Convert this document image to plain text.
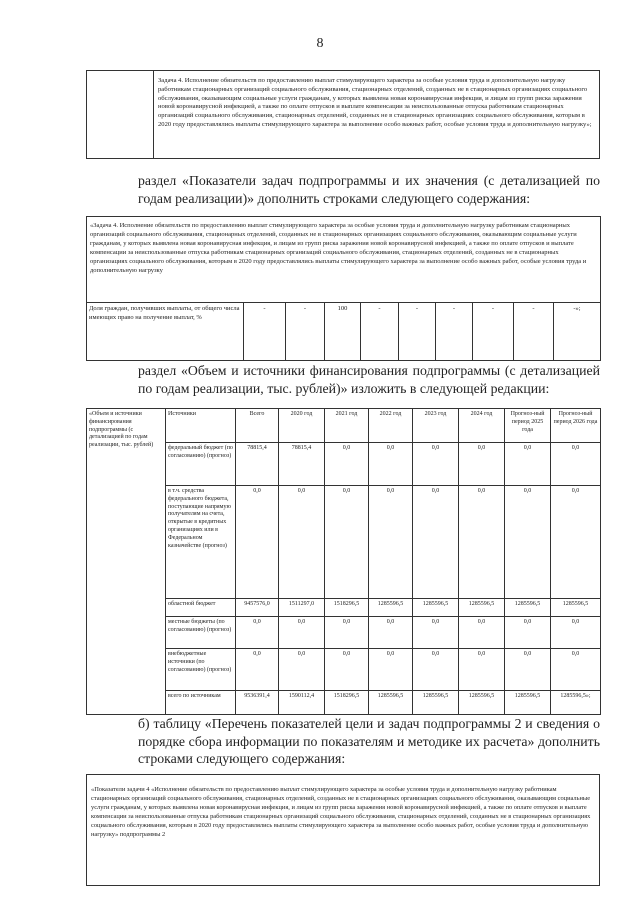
8
	Задача 4. Исполнение обязательств по предоставлению выплат стимулирующего характера за особые условия труда и дополнительную нагрузку работникам стационарных организаций социального обслуживания, стационарных отделений, созданных не в стационарных организациях социального обслуживания, оказывающим социальные услуги гражданам, у которых выявлена новая коронавирусная инфекция, и лицам из групп риска заражения новой коронавирусной инфекцией, а также по оплате отпусков и выплате компенсации за неиспользованные отпуска работникам стационарных организаций социального обслуживания, стационарных отделений, созданных не в стационарных организациях социального обслуживания, которым в 2020 году предоставлялись выплаты стимулирующего характера за выполнение особо важных работ, особые условия труда и дополнительную нагрузку»;
раздел «Показатели задач подпрограммы и их значения (с детализацией по годам реализации)» дополнить строками следующего содержания:
«Задача 4. Исполнение обязательств по предоставлению выплат стимулирующего характера за особые условия труда и дополнительную нагрузку работникам стационарных организаций социального обслуживания, стационарных отделений, созданных не в стационарных организациях социального обслуживания, оказывающим социальные услуги гражданам, у которых выявлена новая коронавирусная инфекция, и лицам из групп риска заражения новой коронавирусной инфекцией, а также по оплате отпусков и выплате компенсации за неиспользованные отпуска работникам стационарных организаций социального обслуживания, стационарных отделений, созданных не в стационарных организациях социального обслуживания, которым в 2020 году предоставлялись выплаты стимулирующего характера за выполнение особо важных работ, особые условия труда и дополнительную нагрузку
Доля граждан, получивших выплаты, от общего числа имеющих право на получение выплат, %	-	-	100	-	-	-	-	-	-»;
раздел «Объем и источники финансирования подпрограммы (с детализацией по годам реализации, тыс. рублей)» изложить в следующей редакции:
«Объем и источники финансирования подпрограммы (с детализацией по годам реализации, тыс. рублей)	Источники	Всего	2020 год	2021 год	2022 год	2023 год	2024 год	Прогноз-ный период 2025 года	Прогноз-ный период 2026 года
	федеральный бюджет (по согласованию) (прогноз)	78815,4	78815,4	0,0	0,0	0,0	0,0	0,0	0,0
	в т.ч. средства федерального бюджета, поступающие напрямую получателям на счета, открытые в кредитных организациях или в Федеральном казначействе (прогноз)	0,0	0,0	0,0	0,0	0,0	0,0	0,0	0,0
	областной бюджет	9457576,0	1511297,0	1518296,5	1285596,5	1285596,5	1285596,5	1285596,5	1285596,5
	местные бюджеты (по согласованию) (прогноз)	0,0	0,0	0,0	0,0	0,0	0,0	0,0	0,0
	внебюджетные источники (по согласованию) (прогноз)	0,0	0,0	0,0	0,0	0,0	0,0	0,0	0,0
	всего по источникам	9536391,4	1590112,4	1518296,5	1285596,5	1285596,5	1285596,5	1285596,5	1285596,5»;
б) таблицу «Перечень показателей цели и задач подпрограммы 2 и сведения о порядке сбора информации по показателям и методике их расчета» дополнить строками следующего содержания:
«Показатели задачи 4 «Исполнение обязательств по предоставлению выплат стимулирующего характера за особые условия труда и дополнительную нагрузку работникам стационарных организаций социального обслуживания, стационарных отделений, созданных не в стационарных организациях социального обслуживания, оказывающим социальные услуги гражданам, у которых выявлена новая коронавирусная инфекция, и лицам из групп риска заражения новой коронавирусной инфекцией, а также по оплате отпусков и выплате компенсации за неиспользованные отпуска работникам стационарных организаций социального обслуживания, стационарных отделений, созданных не в стационарных организациях социального обслуживания, которым в 2020 году предоставлялись выплаты стимулирующего характера за выполнение особо важных работ, особые условия труда и дополнительную нагрузку» подпрограммы 2
